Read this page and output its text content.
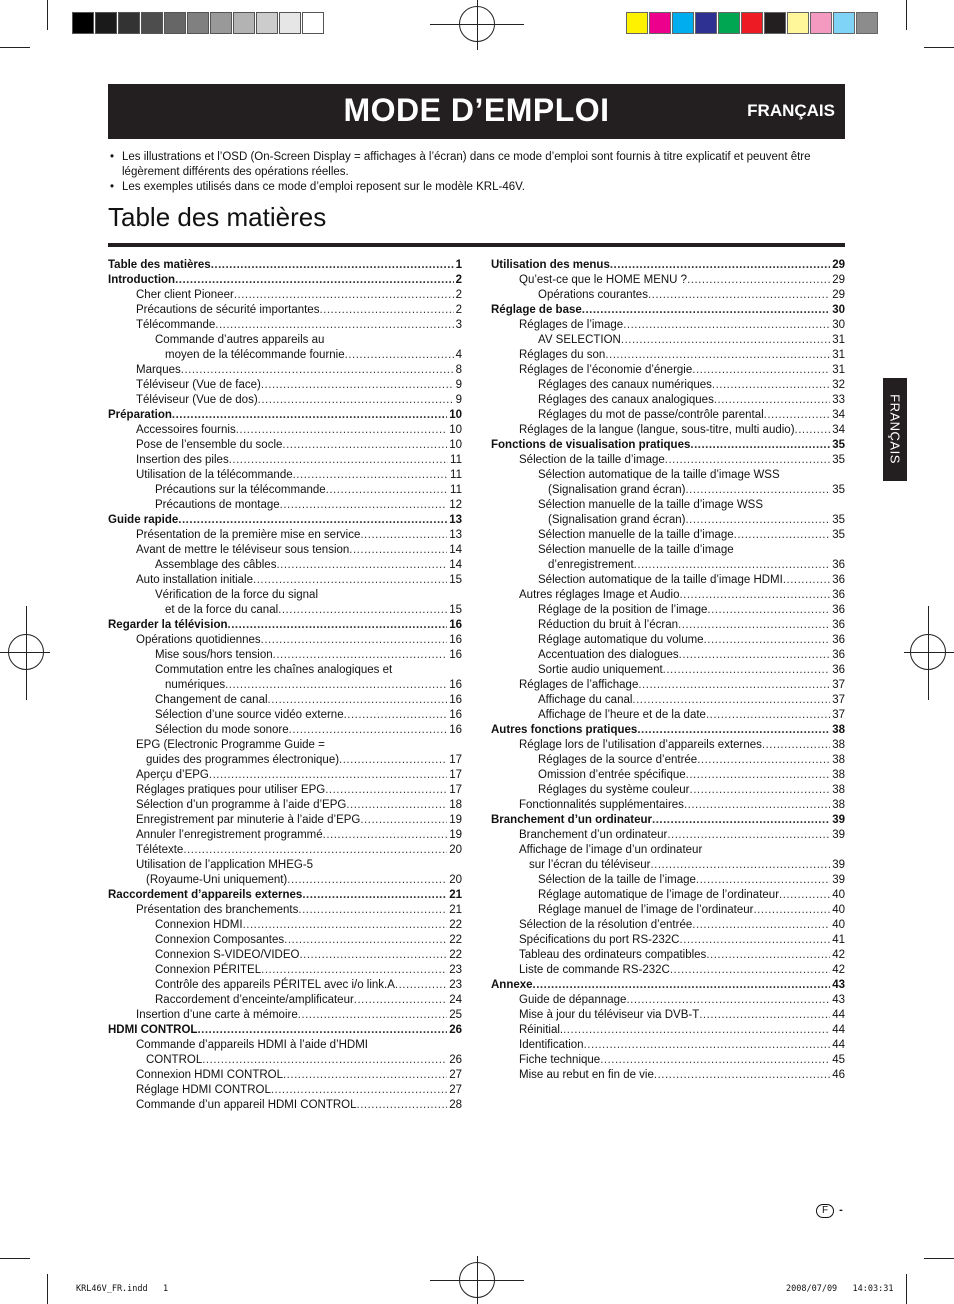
MODE D’EMPLOI	FRANÇAIS
• Les illustrations et l’OSD (On-Screen Display = affichages à l’écran) dans ce mode d’emploi sont fournis à titre explicatif et peuvent être légèrement différents des opérations réelles.
• Les exemples utilisés dans ce mode d’emploi reposent sur le modèle KRL-46V.
Table des matières
Table des matières .....	1
Introduction .....	2
Cher client Pioneer .....	2
Précautions de sécurité importantes .....	2
Télécommande .....	3
Commande d’autres appareils au
moyen de la télécommande fournie .....	4
Marques .....	8
Téléviseur (Vue de face) .....	9
Téléviseur (Vue de dos) .....	9
Préparation .....	10
Accessoires fournis .....	10
Pose de l’ensemble du socle .....	10
Insertion des piles .....	11
Utilisation de la télécommande .....	11
Précautions sur la télécommande .....	11
Précautions de montage .....	12
Guide rapide .....	13
Présentation de la première mise en service .....	13
Avant de mettre le téléviseur sous tension .....	14
Assemblage des câbles .....	14
Auto installation initiale .....	15
Vérification de la force du signal
et de la force du canal .....	15
Regarder la télévision .....	16
Opérations quotidiennes .....	16
Mise sous/hors tension .....	16
Commutation entre les chaînes analogiques et
numériques .....	16
Changement de canal .....	16
Sélection d’une source vidéo externe .....	16
Sélection du mode sonore .....	16
EPG (Electronic Programme Guide =
guides des programmes électronique) .....	17
Aperçu d’EPG .....	17
Réglages pratiques pour utiliser EPG .....	17
Sélection d’un programme à l’aide d’EPG .....	18
Enregistrement par minuterie à l’aide d’EPG .....	19
Annuler l’enregistrement programmé .....	19
Télétexte .....	20
Utilisation de l’application MHEG-5
(Royaume-Uni uniquement) .....	20
Raccordement d’appareils externes .....	21
Présentation des branchements .....	21
Connexion HDMI .....	22
Connexion Composantes .....	22
Connexion S-VIDEO/VIDEO .....	22
Connexion PÉRITEL .....	23
Contrôle des appareils PÉRITEL avec i/o link.A .....	23
Raccordement d’enceinte/amplificateur .....	24
Insertion d’une carte à mémoire .....	25
HDMI CONTROL .....	26
Commande d’appareils HDMI à l’aide d’HDMI
CONTROL .....	26
Connexion HDMI CONTROL .....	27
Réglage HDMI CONTROL .....	27
Commande d’un appareil HDMI CONTROL .....	28
Utilisation des menus .....	29
Qu’est-ce que le HOME MENU ? .....	29
Opérations courantes .....	29
Réglage de base .....	30
Réglages de l’image .....	30
AV SELECTION .....	31
Réglages du son .....	31
Réglages de l’économie d’énergie .....	31
Réglages des canaux numériques .....	32
Réglages des canaux analogiques .....	33
Réglages du mot de passe/contrôle parental .....	34
Réglages de la langue (langue, sous-titre, multi audio) .....	34
Fonctions de visualisation pratiques .....	35
Sélection de la taille d’image .....	35
Sélection automatique de la taille d’image WSS
(Signalisation grand écran) .....	35
Sélection manuelle de la taille d’image WSS
(Signalisation grand écran) .....	35
Sélection manuelle de la taille d’image .....	35
Sélection manuelle de la taille d’image
d’enregistrement .....	36
Sélection automatique de la taille d’image HDMI .....	36
Autres réglages Image et Audio .....	36
Réglage de la position de l’image .....	36
Réduction du bruit à l’écran .....	36
Réglage automatique du volume .....	36
Accentuation des dialogues .....	36
Sortie audio uniquement .....	36
Réglages de l’affichage .....	37
Affichage du canal .....	37
Affichage de l’heure et de la date .....	37
Autres fonctions pratiques .....	38
Réglage lors de l’utilisation d’appareils externes .....	38
Réglages de la source d’entrée .....	38
Omission d’entrée spécifique .....	38
Réglages du système couleur .....	38
Fonctionnalités supplémentaires .....	38
Branchement d’un ordinateur .....	39
Branchement d’un ordinateur .....	39
Affichage de l’image d’un ordinateur
sur l’écran du téléviseur .....	39
Sélection de la taille de l’image .....	39
Réglage automatique de l’image de l’ordinateur .....	40
Réglage manuel de l’image de l’ordinateur .....	40
Sélection de la résolution d’entrée .....	40
Spécifications du port RS-232C .....	41
Tableau des ordinateurs compatibles .....	42
Liste de commande RS-232C .....	42
Annexe .....	43
Guide de dépannage .....	43
Mise à jour du téléviseur via DVB-T .....	44
Réinitial. .....	44
Identification .....	44
Fiche technique .....	45
Mise au rebut en fin de vie .....	46
FRANÇAIS
F -
KRL46V_FR.indd   1	2008/07/09   14:03:31
